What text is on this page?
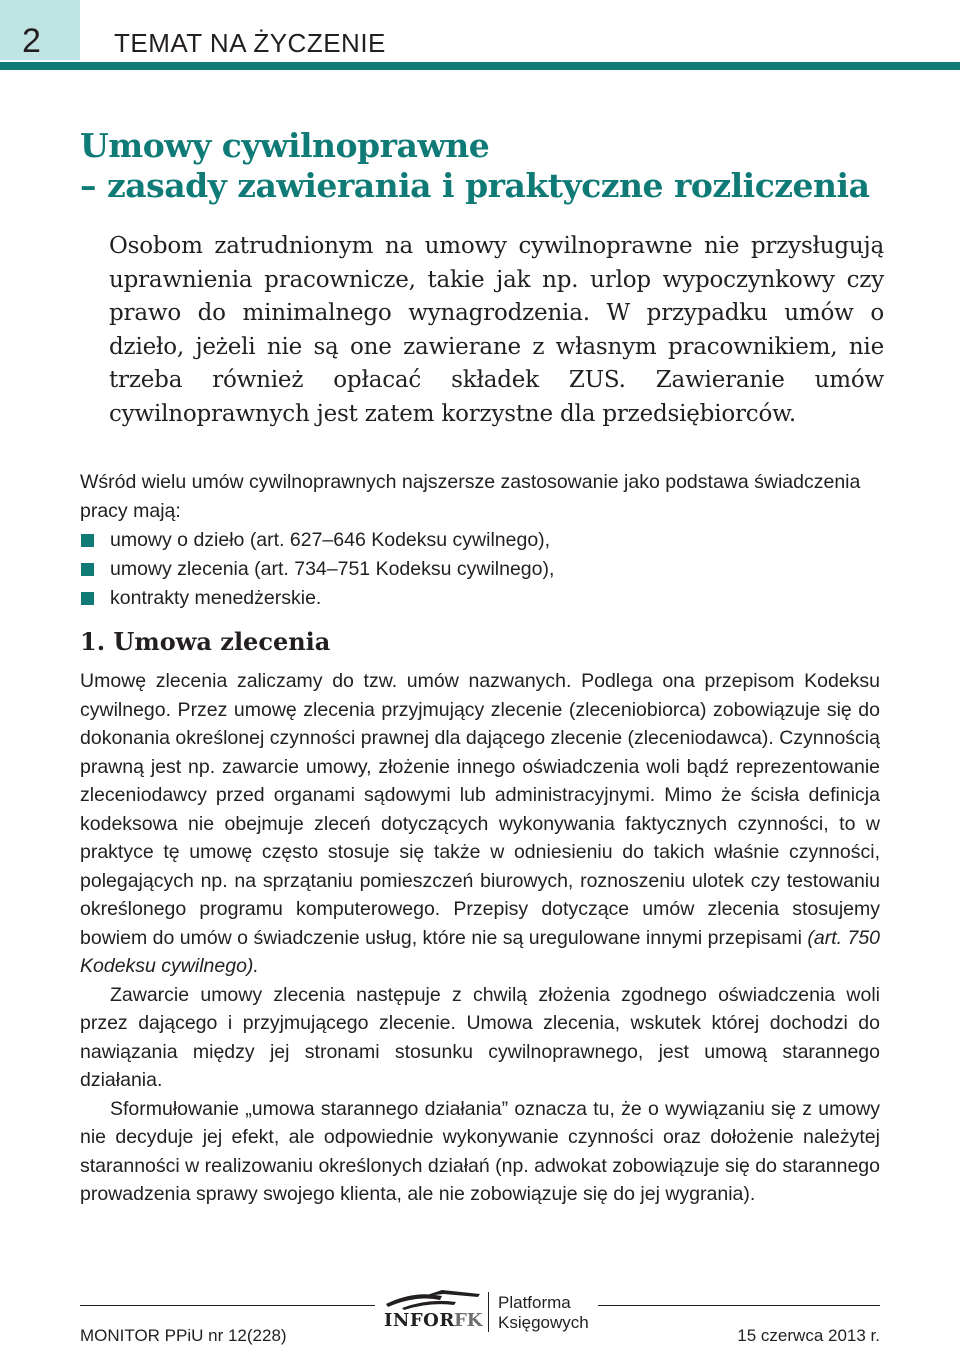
2	TEMAT NA ŻYCZENIE
Umowy cywilnoprawne
– zasady zawierania i praktyczne rozliczenia

Osobom zatrudnionym na umowy cywilnoprawne nie przysługują uprawnienia pracownicze, takie jak np. urlop wypoczynkowy czy prawo do minimalnego wynagrodzenia. W przypadku umów o dzieło, jeżeli nie są one zawierane z własnym pracownikiem, nie trzeba również opłacać składek ZUS. Zawieranie umów cywilnoprawnych jest zatem korzystne dla przedsiębiorców.

Wśród wielu umów cywilnoprawnych najszersze zastosowanie jako podstawa świadczenia pracy mają:
umowy o dzieło (art. 627–646 Kodeksu cywilnego),
umowy zlecenia (art. 734–751 Kodeksu cywilnego),
kontrakty menedżerskie.
1. Umowa zlecenia

Umowę zlecenia zaliczamy do tzw. umów nazwanych. Podlega ona przepisom Kodeksu cywilnego. Przez umowę zlecenia przyjmujący zlecenie (zleceniobiorca) zobowiązuje się do dokonania określonej czynności prawnej dla dającego zlecenie (zleceniodawca). Czynnością prawną jest np. zawarcie umowy, złożenie innego oświadczenia woli bądź reprezentowanie zleceniodawcy przed organami sądowymi lub administracyjnymi. Mimo że ścisła definicja kodeksowa nie obejmuje zleceń dotyczących wykonywania faktycznych czynności, to w praktyce tę umowę często stosuje się także w odniesieniu do takich właśnie czynności, polegających np. na sprzątaniu pomieszczeń biurowych, roznoszeniu ulotek czy testowaniu określonego programu komputerowego. Przepisy dotyczące umów zlecenia stosujemy bowiem do umów o świadczenie usług, które nie są uregulowane innymi przepisami (art. 750 Kodeksu cywilnego).

Zawarcie umowy zlecenia następuje z chwilą złożenia zgodnego oświadczenia woli przez dającego i przyjmującego zlecenie. Umowa zlecenia, wskutek której dochodzi do nawiązania między jej stronami stosunku cywilnoprawnego, jest umową starannego działania.

Sformułowanie „umowa starannego działania” oznacza tu, że o wywiązaniu się z umowy nie decyduje jej efekt, ale odpowiednie wykonywanie czynności oraz dołożenie należytej staranności w realizowaniu określonych działań (np. adwokat zobowiązuje się do starannego prowadzenia sprawy swojego klienta, ale nie zobowiązuje się do jej wygrania).

INFOR FK
Platforma
Księgowych
MONITOR PPiU nr 12(228)	15 czerwca 2013 r.
